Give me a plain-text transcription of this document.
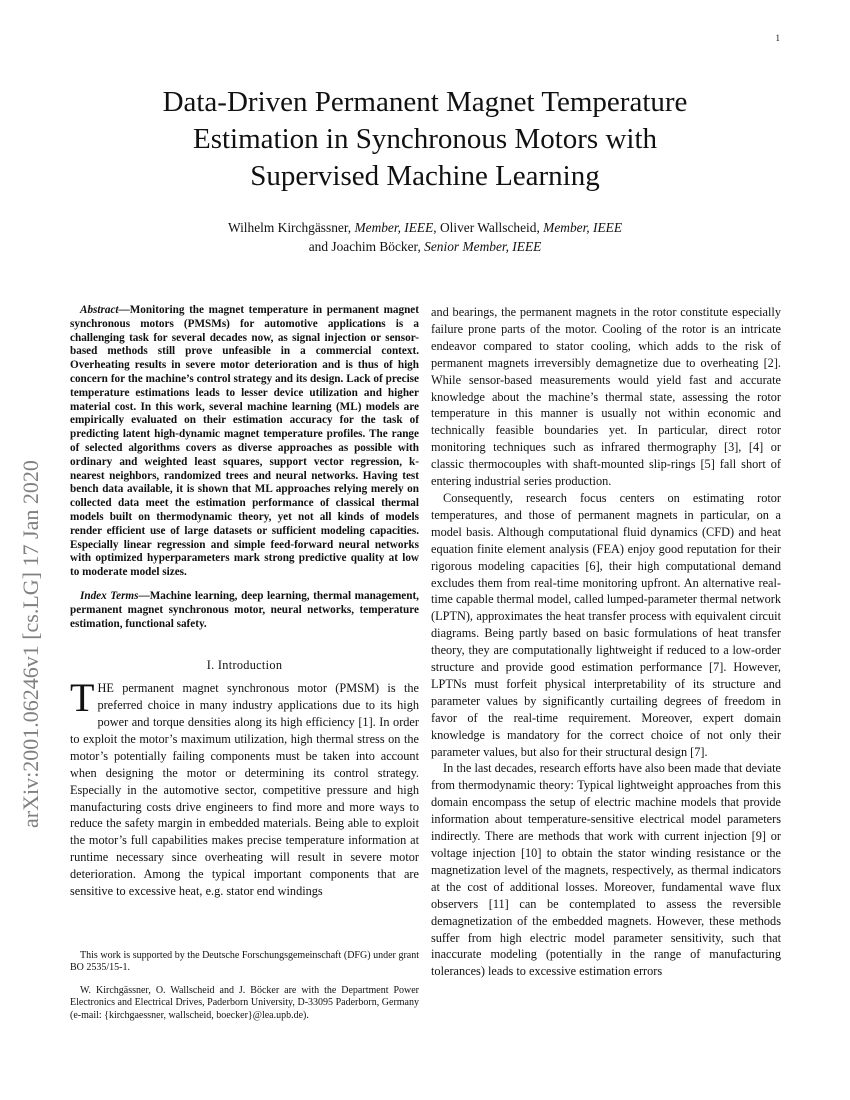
1
arXiv:2001.06246v1 [cs.LG] 17 Jan 2020
Data-Driven Permanent Magnet Temperature
Estimation in Synchronous Motors with
Supervised Machine Learning
Wilhelm Kirchgässner, Member, IEEE, Oliver Wallscheid, Member, IEEE
and Joachim Böcker, Senior Member, IEEE

Abstract—Monitoring the magnet temperature in permanent magnet synchronous motors (PMSMs) for automotive applications is a challenging task for several decades now, as signal injection or sensor-based methods still prove unfeasible in a commercial context. Overheating results in severe motor deterioration and is thus of high concern for the machine’s control strategy and its design. Lack of precise temperature estimations leads to lesser device utilization and higher material cost. In this work, several machine learning (ML) models are empirically evaluated on their estimation accuracy for the task of predicting latent high-dynamic magnet temperature profiles. The range of selected algorithms covers as diverse approaches as possible with ordinary and weighted least squares, support vector regression, k-nearest neighbors, randomized trees and neural networks. Having test bench data available, it is shown that ML approaches relying merely on collected data meet the estimation performance of classical thermal models built on thermodynamic theory, yet not all kinds of models render efficient use of large datasets or sufficient modeling capacities. Especially linear regression and simple feed-forward neural networks with optimized hyperparameters mark strong predictive quality at low to moderate model sizes.

Index Terms—Machine learning, deep learning, thermal management, permanent magnet synchronous motor, neural networks, temperature estimation, functional safety.

I. Introduction

THE permanent magnet synchronous motor (PMSM) is the preferred choice in many industry applications due to its high power and torque densities along its high efficiency [1]. In order to exploit the motor’s maximum utilization, high thermal stress on the motor’s potentially failing components must be taken into account when designing the motor or determining its control strategy. Especially in the automotive sector, competitive pressure and high manufacturing costs drive engineers to find more and more ways to reduce the safety margin in embedded materials. Being able to exploit the motor’s full capabilities makes precise temperature information at runtime necessary since overheating will result in severe motor deterioration. Among the typical important components that are sensitive to excessive heat, e.g. stator end windings

This work is supported by the Deutsche Forschungsgemeinschaft (DFG) under grant BO 2535/15-1.

W. Kirchgässner, O. Wallscheid and J. Böcker are with the Department Power Electronics and Electrical Drives, Paderborn University, D-33095 Paderborn, Germany (e-mail: {kirchgaessner, wallscheid, boecker}@lea.upb.de).

and bearings, the permanent magnets in the rotor constitute especially failure prone parts of the motor. Cooling of the rotor is an intricate endeavor compared to stator cooling, which adds to the risk of permanent magnets irreversibly demagnetize due to overheating [2]. While sensor-based measurements would yield fast and accurate knowledge about the machine’s thermal state, assessing the rotor temperature in this manner is usually not within economic and technically feasible boundaries yet. In particular, direct rotor monitoring techniques such as infrared thermography [3], [4] or classic thermocouples with shaft-mounted slip-rings [5] fall short of entering industrial series production.

Consequently, research focus centers on estimating rotor temperatures, and those of permanent magnets in particular, on a model basis. Although computational fluid dynamics (CFD) and heat equation finite element analysis (FEA) enjoy good reputation for their rigorous modeling capacities [6], their high computational demand excludes them from real-time monitoring upfront. An alternative real-time capable thermal model, called lumped-parameter thermal network (LPTN), approximates the heat transfer process with equivalent circuit diagrams. Being partly based on basic formulations of heat transfer theory, they are computationally lightweight if reduced to a low-order structure and provide good estimation performance [7]. However, LPTNs must forfeit physical interpretability of its structure and parameter values by significantly curtailing degrees of freedom in favor of the real-time requirement. Moreover, expert domain knowledge is mandatory for the correct choice of not only their parameter values, but also for their structural design [7].

In the last decades, research efforts have also been made that deviate from thermodynamic theory: Typical lightweight approaches from this domain encompass the setup of electric machine models that provide information about temperature-sensitive electrical model parameters indirectly. There are methods that work with current injection [9] or voltage injection [10] to obtain the stator winding resistance or the magnetization level of the magnets, respectively, as thermal indicators at the cost of additional losses. Moreover, fundamental wave flux observers [11] can be contemplated to assess the reversible demagnetization of the embedded magnets. However, these methods suffer from high electric model parameter sensitivity, such that inaccurate modeling (potentially in the range of manufacturing tolerances) leads to excessive estimation errors
